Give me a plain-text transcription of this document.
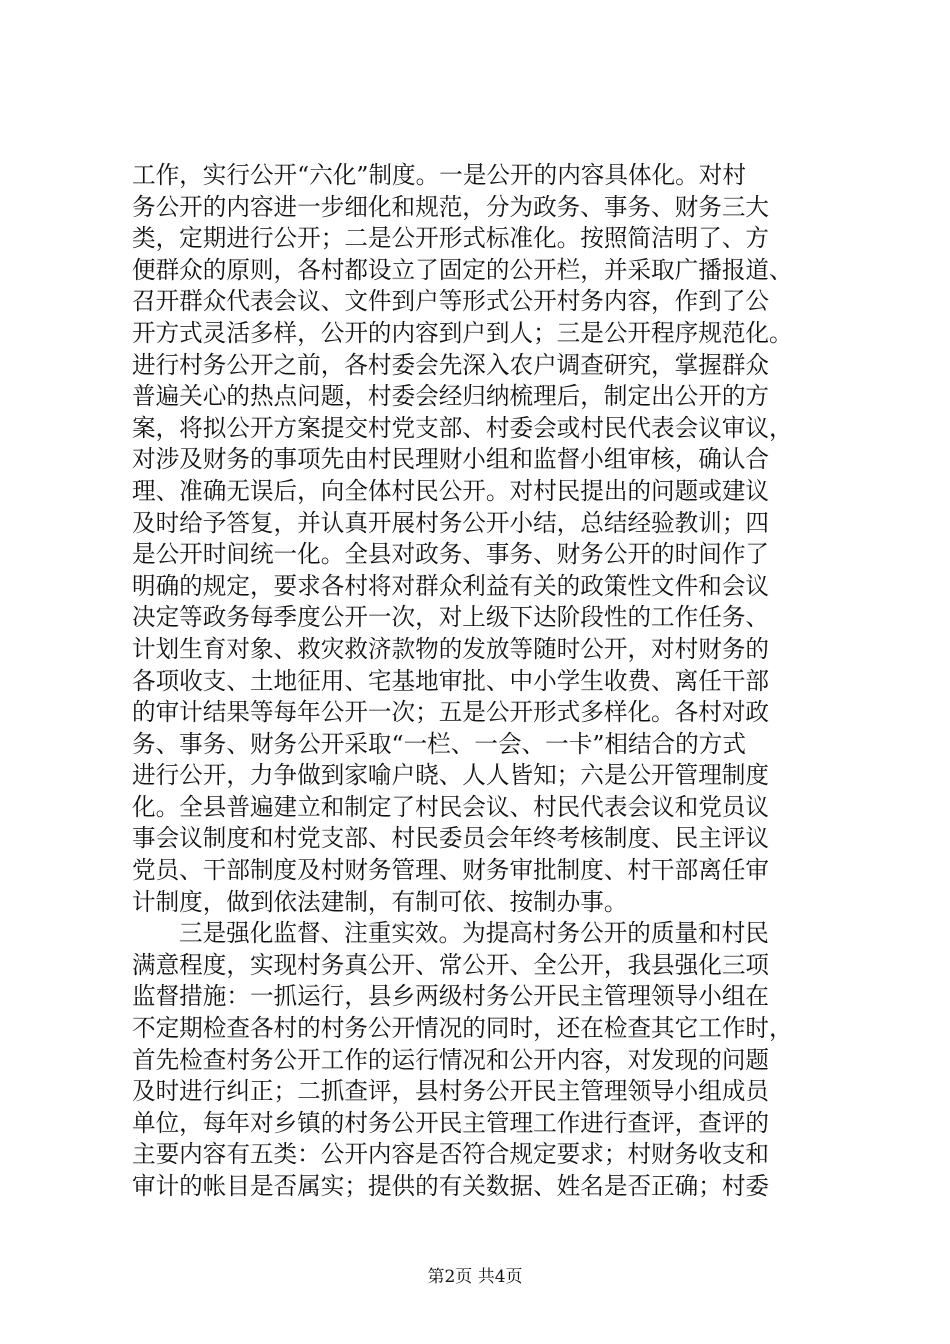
工作，实行公开“六化”制度。一是公开的内容具体化。对村
务公开的内容进一步细化和规范，分为政务、事务、财务三大
类，定期进行公开；二是公开形式标准化。按照简洁明了、方
便群众的原则，各村都设立了固定的公开栏，并采取广播报道、
召开群众代表会议、文件到户等形式公开村务内容，作到了公
开方式灵活多样，公开的内容到户到人；三是公开程序规范化。
进行村务公开之前，各村委会先深入农户调查研究，掌握群众
普遍关心的热点问题，村委会经归纳梳理后，制定出公开的方
案，将拟公开方案提交村党支部、村委会或村民代表会议审议，
对涉及财务的事项先由村民理财小组和监督小组审核，确认合
理、准确无误后，向全体村民公开。对村民提出的问题或建议
及时给予答复，并认真开展村务公开小结，总结经验教训；四
是公开时间统一化。全县对政务、事务、财务公开的时间作了
明确的规定，要求各村将对群众利益有关的政策性文件和会议
决定等政务每季度公开一次，对上级下达阶段性的工作任务、
计划生育对象、救灾救济款物的发放等随时公开，对村财务的
各项收支、土地征用、宅基地审批、中小学生收费、离任干部
的审计结果等每年公开一次；五是公开形式多样化。各村对政
务、事务、财务公开采取“一栏、一会、一卡”相结合的方式
进行公开，力争做到家喻户晓、人人皆知；六是公开管理制度
化。全县普遍建立和制定了村民会议、村民代表会议和党员议
事会议制度和村党支部、村民委员会年终考核制度、民主评议
党员、干部制度及村财务管理、财务审批制度、村干部离任审
计制度，做到依法建制，有制可依、按制办事。
三是强化监督、注重实效。为提高村务公开的质量和村民
满意程度，实现村务真公开、常公开、全公开，我县强化三项
监督措施：一抓运行，县乡两级村务公开民主管理领导小组在
不定期检查各村的村务公开情况的同时，还在检查其它工作时，
首先检查村务公开工作的运行情况和公开内容，对发现的问题
及时进行纠正；二抓查评，县村务公开民主管理领导小组成员
单位，每年对乡镇的村务公开民主管理工作进行查评，查评的
主要内容有五类：公开内容是否符合规定要求；村财务收支和
审计的帐目是否属实；提供的有关数据、姓名是否正确；村委
第2页 共4页
